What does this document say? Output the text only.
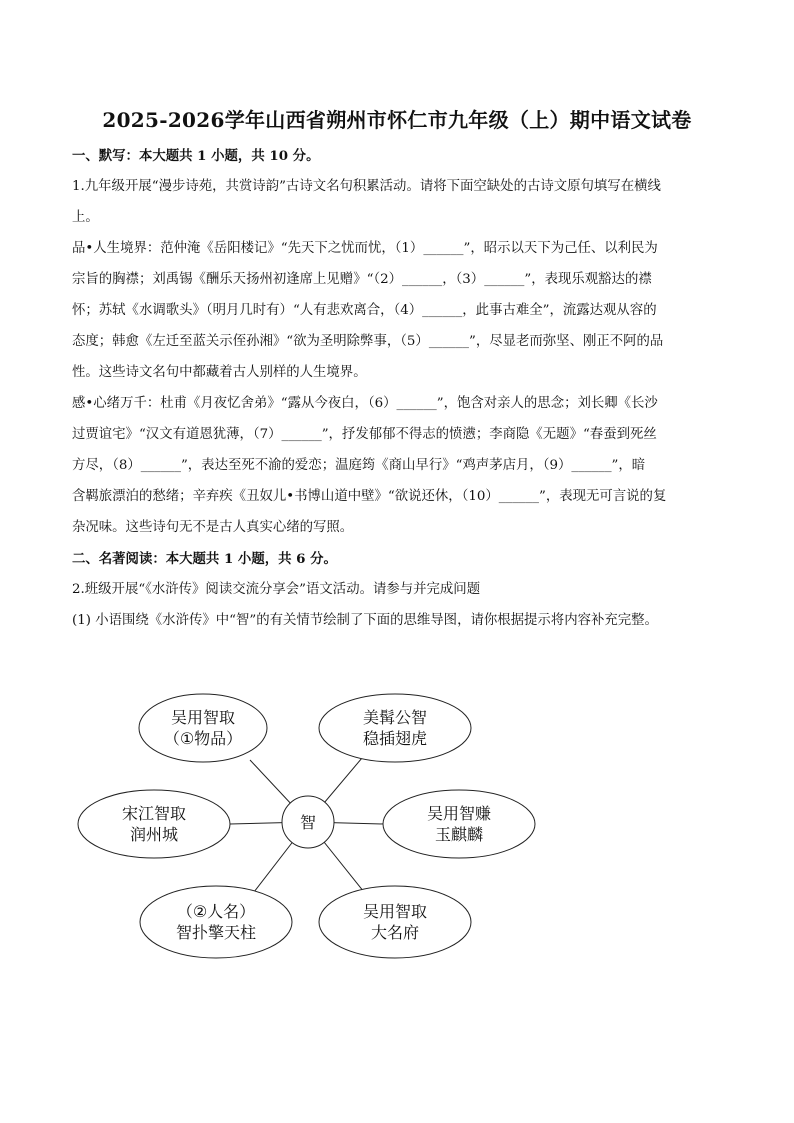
2025-2026学年山西省朔州市怀仁市九年级（上）期中语文试卷
一、默写：本大题共 1 小题，共 10 分。
1.九年级开展“漫步诗苑，共赏诗韵”古诗文名句积累活动。请将下面空缺处的古诗文原句填写在横线
上。
品•人生境界：范仲淹《岳阳楼记》“先天下之忧而忧，（1）______”，昭示以天下为己任、以利民为
宗旨的胸襟；刘禹锡《酬乐天扬州初逢席上见赠》“（2）______，（3）______”，表现乐观豁达的襟
怀；苏轼《水调歌头》（明月几时有）“人有悲欢离合，（4）______，此事古难全”，流露达观从容的
态度；韩愈《左迁至蓝关示侄孙湘》“欲为圣明除弊事，（5）______”，尽显老而弥坚、刚正不阿的品
性。这些诗文名句中都藏着古人别样的人生境界。
感•心绪万千：杜甫《月夜忆舍弟》“露从今夜白，（6）______”，饱含对亲人的思念；刘长卿《长沙
过贾谊宅》“汉文有道恩犹薄，（7）______”，抒发郁郁不得志的愤懑；李商隐《无题》“春蚕到死丝
方尽，（8）______”，表达至死不渝的爱恋；温庭筠《商山早行》“鸡声茅店月，（9）______”，暗
含羁旅漂泊的愁绪；辛弃疾《丑奴儿•书博山道中壁》“欲说还休，（10）______”，表现无可言说的复
杂况味。这些诗句无不是古人真实心绪的写照。
二、名著阅读：本大题共 1 小题，共 6 分。
2.班级开展“《水浒传》阅读交流分享会”语文活动。请参与并完成问题
(1) 小语围绕《水浒传》中“智”的有关情节绘制了下面的思维导图，请你根据提示将内容补充完整。
智
吴用智取
（①物品）
美髯公智
稳插翅虎
宋江智取
润州城
吴用智赚
玉麒麟
（②人名）
智扑擎天柱
吴用智取
大名府
